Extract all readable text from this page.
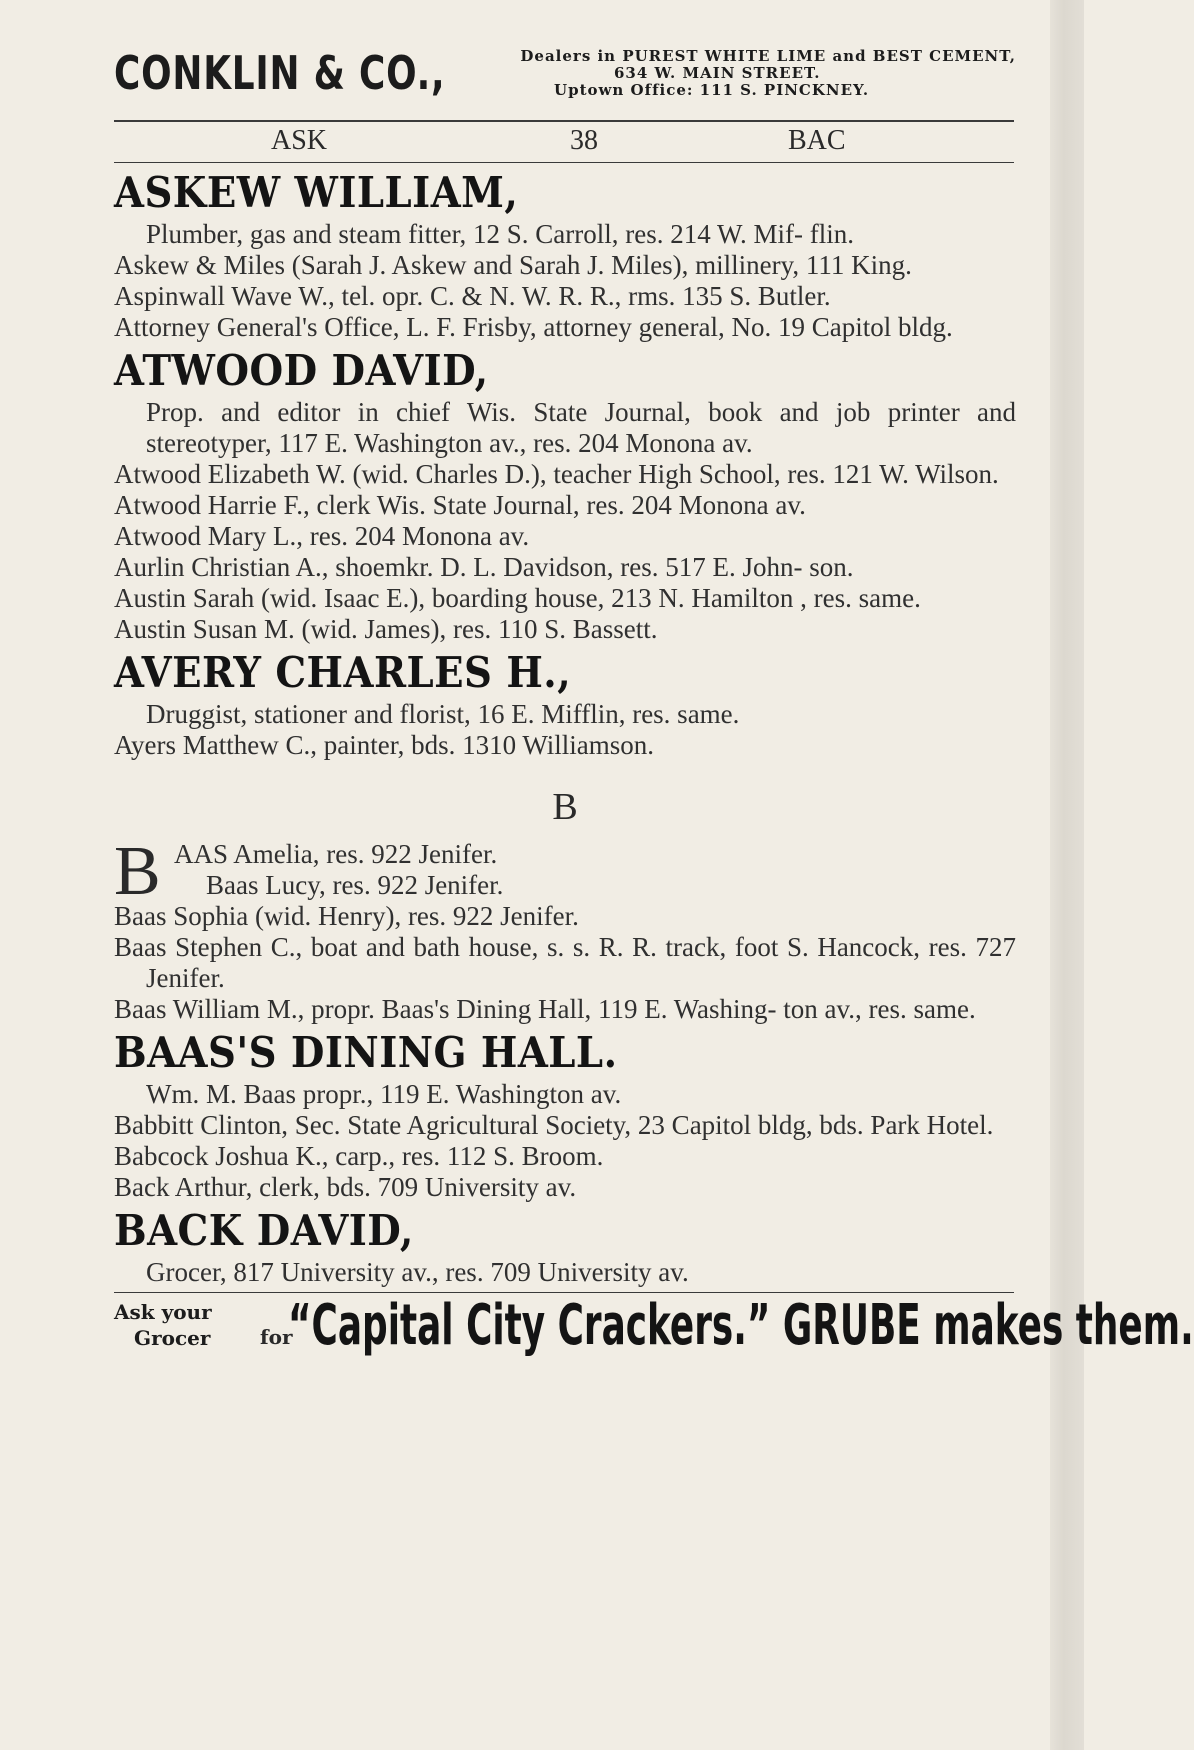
CONKLIN & CO.,	Dealers in PUREST WHITE LIME and BEST CEMENT,
634 W. MAIN STREET.
Uptown Office: 111 S. PINCKNEY.
ASK	38	BAC
ASKEW WILLIAM,
Plumber, gas and steam fitter, 12 S. Carroll, res. 214 W. Mif- flin.
Askew & Miles (Sarah J. Askew and Sarah J. Miles), millinery, 111 King.
Aspinwall Wave W., tel. opr. C. & N. W. R. R., rms. 135 S. Butler.
Attorney General's Office, L. F. Frisby, attorney general, No. 19 Capitol bldg.
ATWOOD DAVID,
Prop. and editor in chief Wis. State Journal, book and job printer and stereotyper, 117 E. Washington av., res. 204 Monona av.
Atwood Elizabeth W. (wid. Charles D.), teacher High School, res. 121 W. Wilson.
Atwood Harrie F., clerk Wis. State Journal, res. 204 Monona av.
Atwood Mary L., res. 204 Monona av.
Aurlin Christian A., shoemkr. D. L. Davidson, res. 517 E. John- son.
Austin Sarah (wid. Isaac E.), boarding house, 213 N. Hamilton , res. same.
Austin Susan M. (wid. James), res. 110 S. Bassett.
AVERY CHARLES H.,
Druggist, stationer and florist, 16 E. Mifflin, res. same.
Ayers Matthew C., painter, bds. 1310 Williamson.
B
B AAS Amelia, res. 922 Jenifer.
Baas Lucy, res. 922 Jenifer.
Baas Sophia (wid. Henry), res. 922 Jenifer.
Baas Stephen C., boat and bath house, s. s. R. R. track, foot S. Hancock, res. 727 Jenifer.
Baas William M., propr. Baas's Dining Hall, 119 E. Washing- ton av., res. same.
BAAS'S DINING HALL.
Wm. M. Baas propr., 119 E. Washington av.
Babbitt Clinton, Sec. State Agricultural Society, 23 Capitol bldg, bds. Park Hotel.
Babcock Joshua K., carp., res. 112 S. Broom.
Back Arthur, clerk, bds. 709 University av.
BACK DAVID,
Grocer, 817 University av., res. 709 University av.
Ask your
Grocer for
“Capital City Crackers.” GRUBE makes them.
